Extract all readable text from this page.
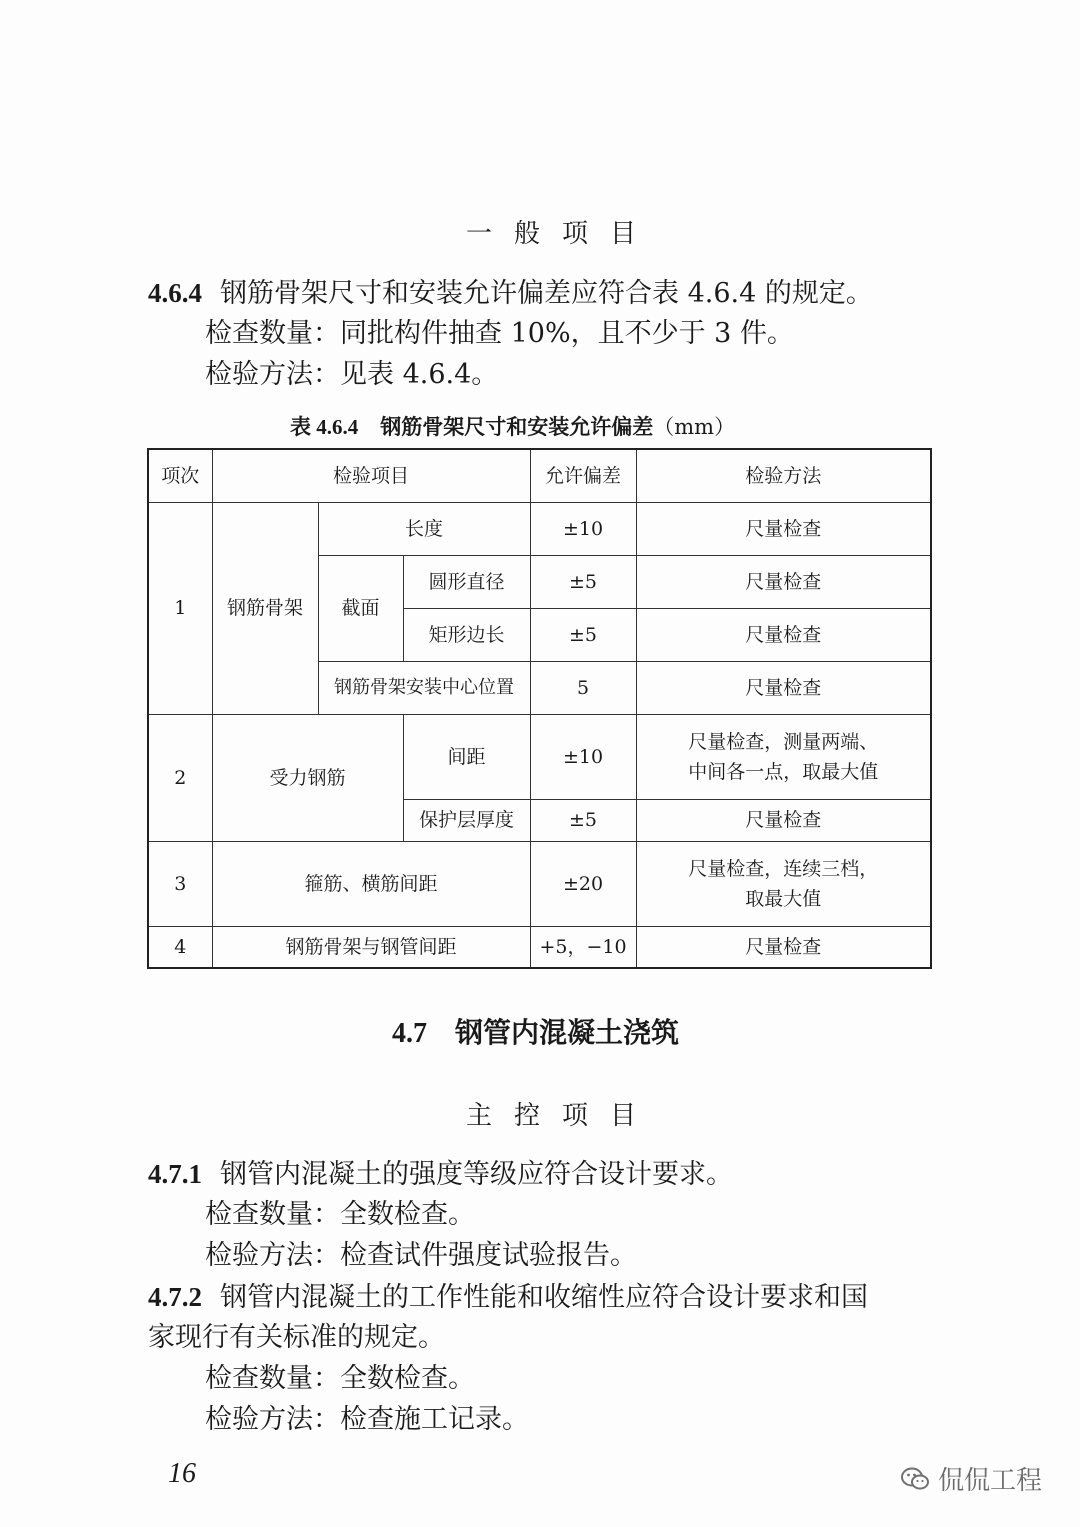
一般项目
4.6.4 钢筋骨架尺寸和安装允许偏差应符合表 4.6.4 的规定。
检查数量：同批构件抽查 10%，且不少于 3 件。
检验方法：见表 4.6.4。
表 4.6.4 钢筋骨架尺寸和安装允许偏差（mm）
项次	检验项目			允许偏差	检验方法
1	钢筋骨架	长度		±10	尺量检查
		截面	圆形直径	±5	尺量检查
			矩形边长	±5	尺量检查
		钢筋骨架安装中心位置		5	尺量检查
2	受力钢筋		间距	±10	尺量检查，测量两端、
中间各一点，取最大值

			保护层厚度	±5	尺量检查
3	箍筋、横筋间距			±20	尺量检查，连续三档，
取最大值

4	钢筋骨架与钢管间距			+5，−10	尺量检查
4.7 钢管内混凝土浇筑
主控项目
4.7.1 钢管内混凝土的强度等级应符合设计要求。
检查数量：全数检查。
检验方法：检查试件强度试验报告。
4.7.2 钢管内混凝土的工作性能和收缩性应符合设计要求和国
家现行有关标准的规定。
检查数量：全数检查。
检验方法：检查施工记录。
16	侃侃工程
